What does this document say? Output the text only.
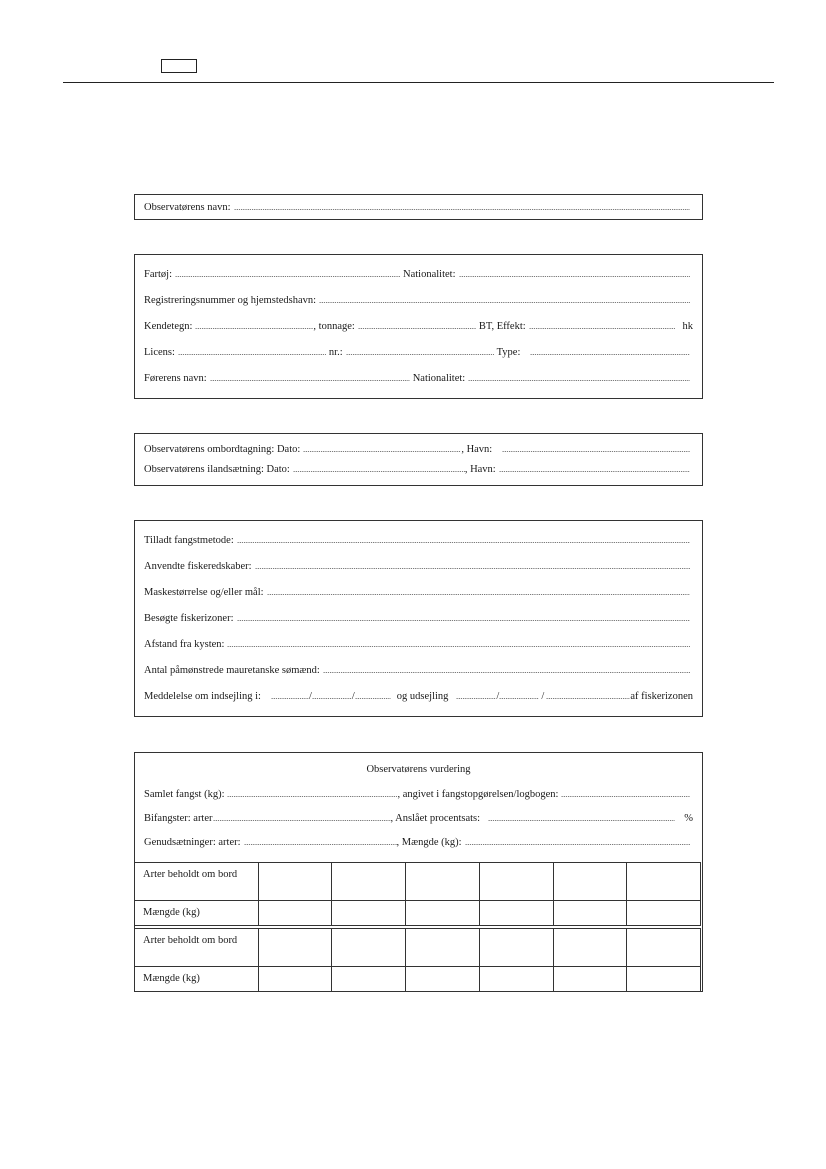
Observatørens navn:
Fartøj:	Nationalitet:
Registreringsnummer og hjemstedshavn:
Kendetegn:	, tonnage:	BT, Effekt:	hk
Licens:	nr.:	Type:
Førerens navn:	Nationalitet:
Observatørens ombordtagning: Dato:	, Havn:
Observatørens ilandsætning: Dato:	, Havn:
Tilladt fangstmetode:
Anvendte fiskeredskaber:
Maskestørrelse og/eller mål:
Besøgte fiskerizoner:
Afstand fra kysten:
Antal påmønstrede mauretanske sømænd:
Meddelelse om indsejling i:	/	/	og udsejling	/	/	af fiskerizonen
Observatørens vurdering
Samlet fangst (kg):	, angivet i fangstopgørelsen/logbogen:
Bifangster: arter	, Anslået procentsats:	%
Genudsætninger: arter:	, Mængde (kg):
Arter beholdt om bord						
Mængde (kg)						
Arter beholdt om bord						
Mængde (kg)						
